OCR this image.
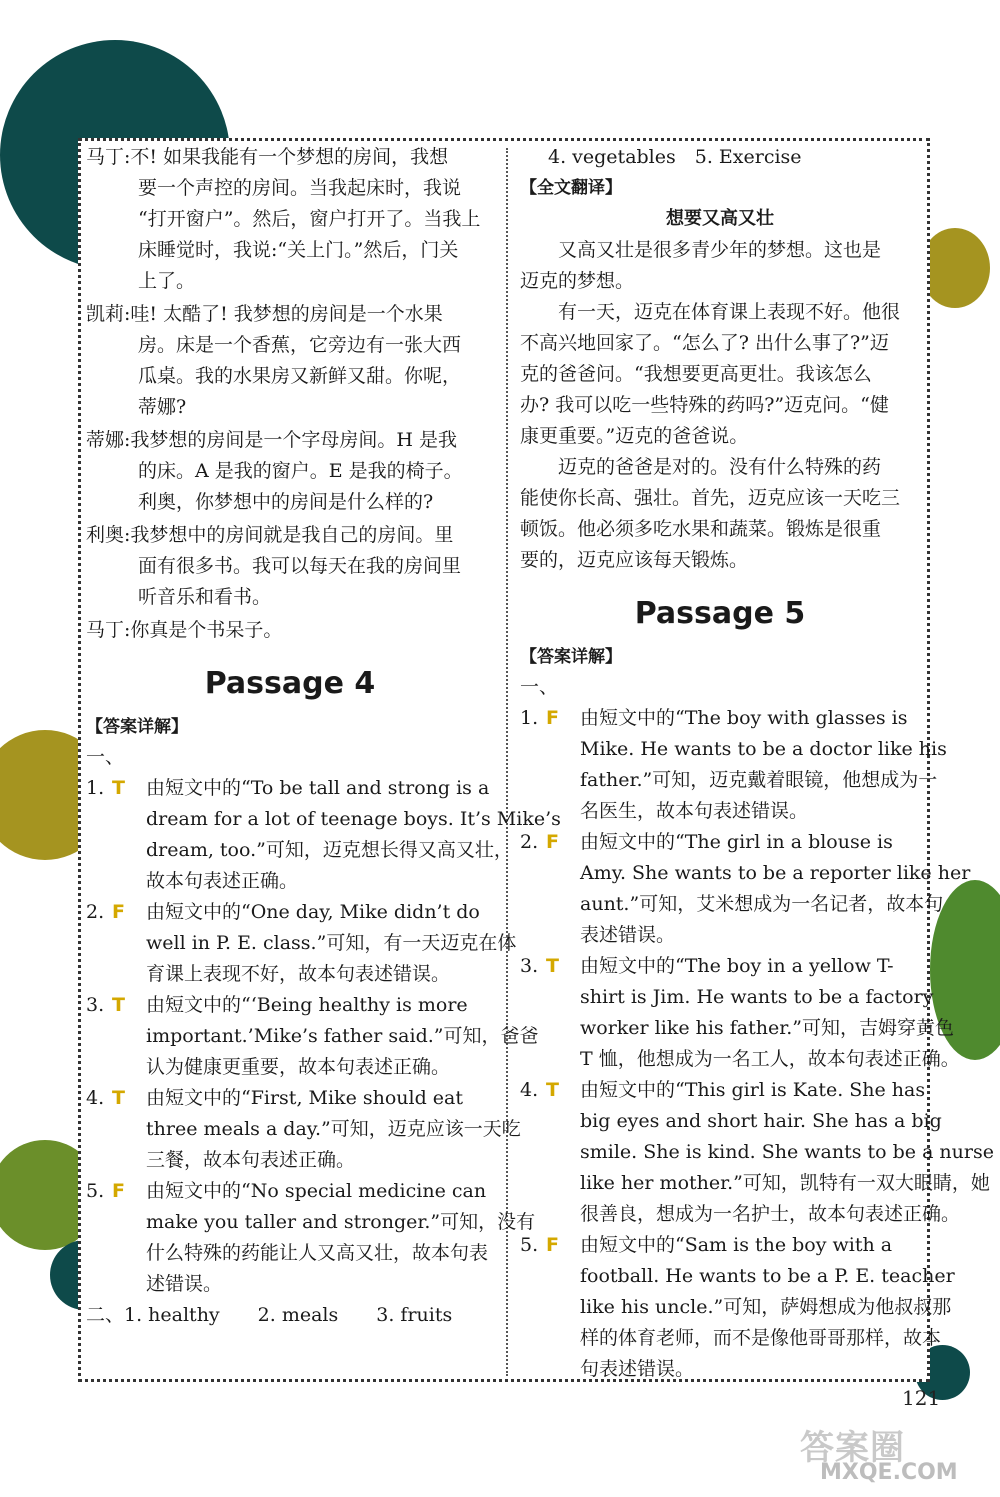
马丁:不! 如果我能有一个梦想的房间，我想
要一个声控的房间。当我起床时，我说
“打开窗户”。然后，窗户打开了。当我上
床睡觉时，我说:“关上门。”然后，门关
上了。
凯莉:哇! 太酷了! 我梦想的房间是一个水果
房。床是一个香蕉，它旁边有一张大西
瓜桌。我的水果房又新鲜又甜。你呢，
蒂娜?
蒂娜:我梦想的房间是一个字母房间。H 是我
的床。A 是我的窗户。E 是我的椅子。
利奥，你梦想中的房间是什么样的?
利奥:我梦想中的房间就是我自己的房间。里
面有很多书。我可以每天在我的房间里
听音乐和看书。
马丁:你真是个书呆子。
Passage 4
【答案详解】
一、
1. T	由短文中的“To be tall and strong is a
dream for a lot of teenage boys. It’s Mike’s
dream, too.”可知，迈克想长得又高又壮，
故本句表述正确。
2. F	由短文中的“One day, Mike didn’t do
well in P. E. class.”可知，有一天迈克在体
育课上表现不好，故本句表述错误。
3. T	由短文中的“‘Being healthy is more
important.’Mike’s father said.”可知，爸爸
认为健康更重要，故本句表述正确。
4. T	由短文中的“First, Mike should eat
three meals a day.”可知，迈克应该一天吃
三餐，故本句表述正确。
5. F	由短文中的“No special medicine can
make you taller and stronger.”可知，没有
什么特殊的药能让人又高又壮，故本句表
述错误。
二、1. healthy　　2. meals　　3. fruits
4. vegetables　5. Exercise
【全文翻译】
想要又高又壮
又高又壮是很多青少年的梦想。这也是
迈克的梦想。
有一天，迈克在体育课上表现不好。他很
不高兴地回家了。“怎么了? 出什么事了?”迈
克的爸爸问。“我想要更高更壮。我该怎么
办? 我可以吃一些特殊的药吗?”迈克问。“健
康更重要。”迈克的爸爸说。
迈克的爸爸是对的。没有什么特殊的药
能使你长高、强壮。首先，迈克应该一天吃三
顿饭。他必须多吃水果和蔬菜。锻炼是很重
要的，迈克应该每天锻炼。
Passage 5
【答案详解】
一、
1. F	由短文中的“The boy with glasses is
Mike. He wants to be a doctor like his
father.”可知，迈克戴着眼镜，他想成为一
名医生，故本句表述错误。
2. F	由短文中的“The girl in a blouse is
Amy. She wants to be a reporter like her
aunt.”可知，艾米想成为一名记者，故本句
表述错误。
3. T	由短文中的“The boy in a yellow T-
shirt is Jim. He wants to be a factory
worker like his father.”可知，吉姆穿黄色
T 恤，他想成为一名工人，故本句表述正确。
4. T	由短文中的“This girl is Kate. She has
big eyes and short hair. She has a big
smile. She is kind. She wants to be a nurse
like her mother.”可知，凯特有一双大眼睛，她
很善良，想成为一名护士，故本句表述正确。
5. F	由短文中的“Sam is the boy with a
football. He wants to be a P. E. teacher
like his uncle.”可知，萨姆想成为他叔叔那
样的体育老师，而不是像他哥哥那样，故本
句表述错误。
121
答案圈
MXQE.COM
